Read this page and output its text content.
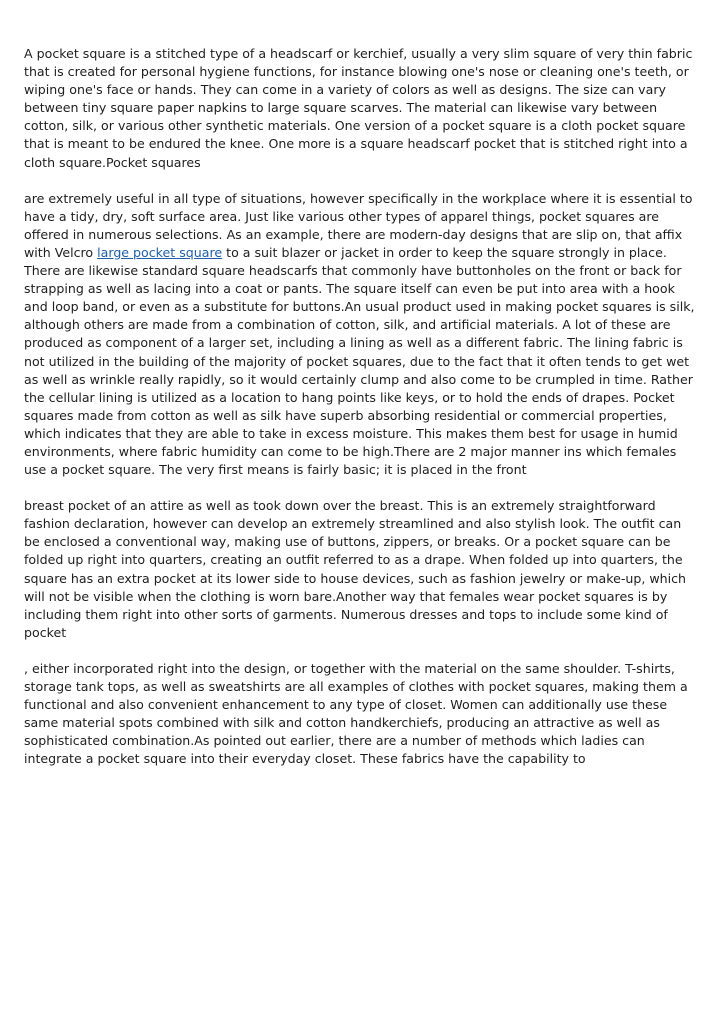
A pocket square is a stitched type of a headscarf or kerchief, usually a very slim square of very thin fabric that is created for personal hygiene functions, for instance blowing one's nose or cleaning one's teeth, or wiping one's face or hands. They can come in a variety of colors as well as designs. The size can vary between tiny square paper napkins to large square scarves. The material can likewise vary between cotton, silk, or various other synthetic materials. One version of a pocket square is a cloth pocket square that is meant to be endured the knee. One more is a square headscarf pocket that is stitched right into a cloth square.Pocket squares

are extremely useful in all type of situations, however specifically in the workplace where it is essential to have a tidy, dry, soft surface area. Just like various other types of apparel things, pocket squares are offered in numerous selections. As an example, there are modern-day designs that are slip on, that affix with Velcro large pocket square to a suit blazer or jacket in order to keep the square strongly in place. There are likewise standard square headscarfs that commonly have buttonholes on the front or back for strapping as well as lacing into a coat or pants. The square itself can even be put into area with a hook and loop band, or even as a substitute for buttons.An usual product used in making pocket squares is silk, although others are made from a combination of cotton, silk, and artificial materials. A lot of these are produced as component of a larger set, including a lining as well as a different fabric. The lining fabric is not utilized in the building of the majority of pocket squares, due to the fact that it often tends to get wet as well as wrinkle really rapidly, so it would certainly clump and also come to be crumpled in time. Rather the cellular lining is utilized as a location to hang points like keys, or to hold the ends of drapes. Pocket squares made from cotton as well as silk have superb absorbing residential or commercial properties, which indicates that they are able to take in excess moisture. This makes them best for usage in humid environments, where fabric humidity can come to be high.There are 2 major manner ins which females use a pocket square. The very first means is fairly basic; it is placed in the front

breast pocket of an attire as well as took down over the breast. This is an extremely straightforward fashion declaration, however can develop an extremely streamlined and also stylish look. The outfit can be enclosed a conventional way, making use of buttons, zippers, or breaks. Or a pocket square can be folded up right into quarters, creating an outfit referred to as a drape. When folded up into quarters, the square has an extra pocket at its lower side to house devices, such as fashion jewelry or make-up, which will not be visible when the clothing is worn bare.Another way that females wear pocket squares is by including them right into other sorts of garments. Numerous dresses and tops to include some kind of pocket

, either incorporated right into the design, or together with the material on the same shoulder. T-shirts, storage tank tops, as well as sweatshirts are all examples of clothes with pocket squares, making them a functional and also convenient enhancement to any type of closet. Women can additionally use these same material spots combined with silk and cotton handkerchiefs, producing an attractive as well as sophisticated combination.As pointed out earlier, there are a number of methods which ladies can integrate a pocket square into their everyday closet. These fabrics have the capability to
